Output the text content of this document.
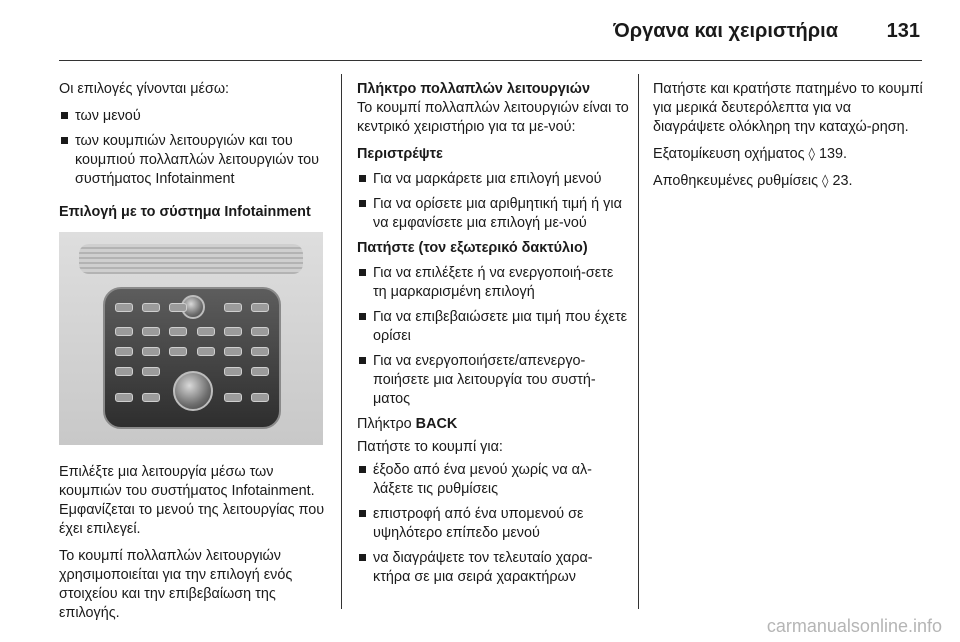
Όργανα και χειριστήρια 131

Οι επιλογές γίνονται μέσω:

των μενού
των κουμπιών λειτουργιών και του κουμπιού πολλαπλών λειτουργιών του συστήματος Infotainment
Επιλογή με το σύστημα Infotainment

Επιλέξτε μια λειτουργία μέσω των κουμπιών του συστήματος Infotainment. Εμφανίζεται το μενού της λειτουργίας που έχει επιλεγεί.

Το κουμπί πολλαπλών λειτουργιών χρησιμοποιείται για την επιλογή ενός στοιχείου και την επιβεβαίωση της επιλογής.

Πλήκτρο πολλαπλών λειτουργιών

Το κουμπί πολλαπλών λειτουργιών είναι το κεντρικό χειριστήριο για τα με-νού:

Περιστρέψτε
Για να μαρκάρετε μια επιλογή μενού
Για να ορίσετε μια αριθμητική τιμή ή για να εμφανίσετε μια επιλογή με-νού
Πατήστε (τον εξωτερικό δακτύλιο)
Για να επιλέξετε ή να ενεργοποιή-σετε τη μαρκαρισμένη επιλογή
Για να επιβεβαιώσετε μια τιμή που έχετε ορίσει
Για να ενεργοποιήσετε/απενεργο-ποιήσετε μια λειτουργία του συστή-ματος

Πλήκτρο BACK

Πατήστε το κουμπί για:

έξοδο από ένα μενού χωρίς να αλ-λάξετε τις ρυθμίσεις
επιστροφή από ένα υπομενού σε υψηλότερο επίπεδο μενού
να διαγράψετε τον τελευταίο χαρα-κτήρα σε μια σειρά χαρακτήρων

Πατήστε και κρατήστε πατημένο το κουμπί για μερικά δευτερόλεπτα για να διαγράψετε ολόκληρη την καταχώ-ρηση.

Εξατομίκευση οχήματος ◊ 139.

Αποθηκευμένες ρυθμίσεις ◊ 23.

carmanualsonline.info
